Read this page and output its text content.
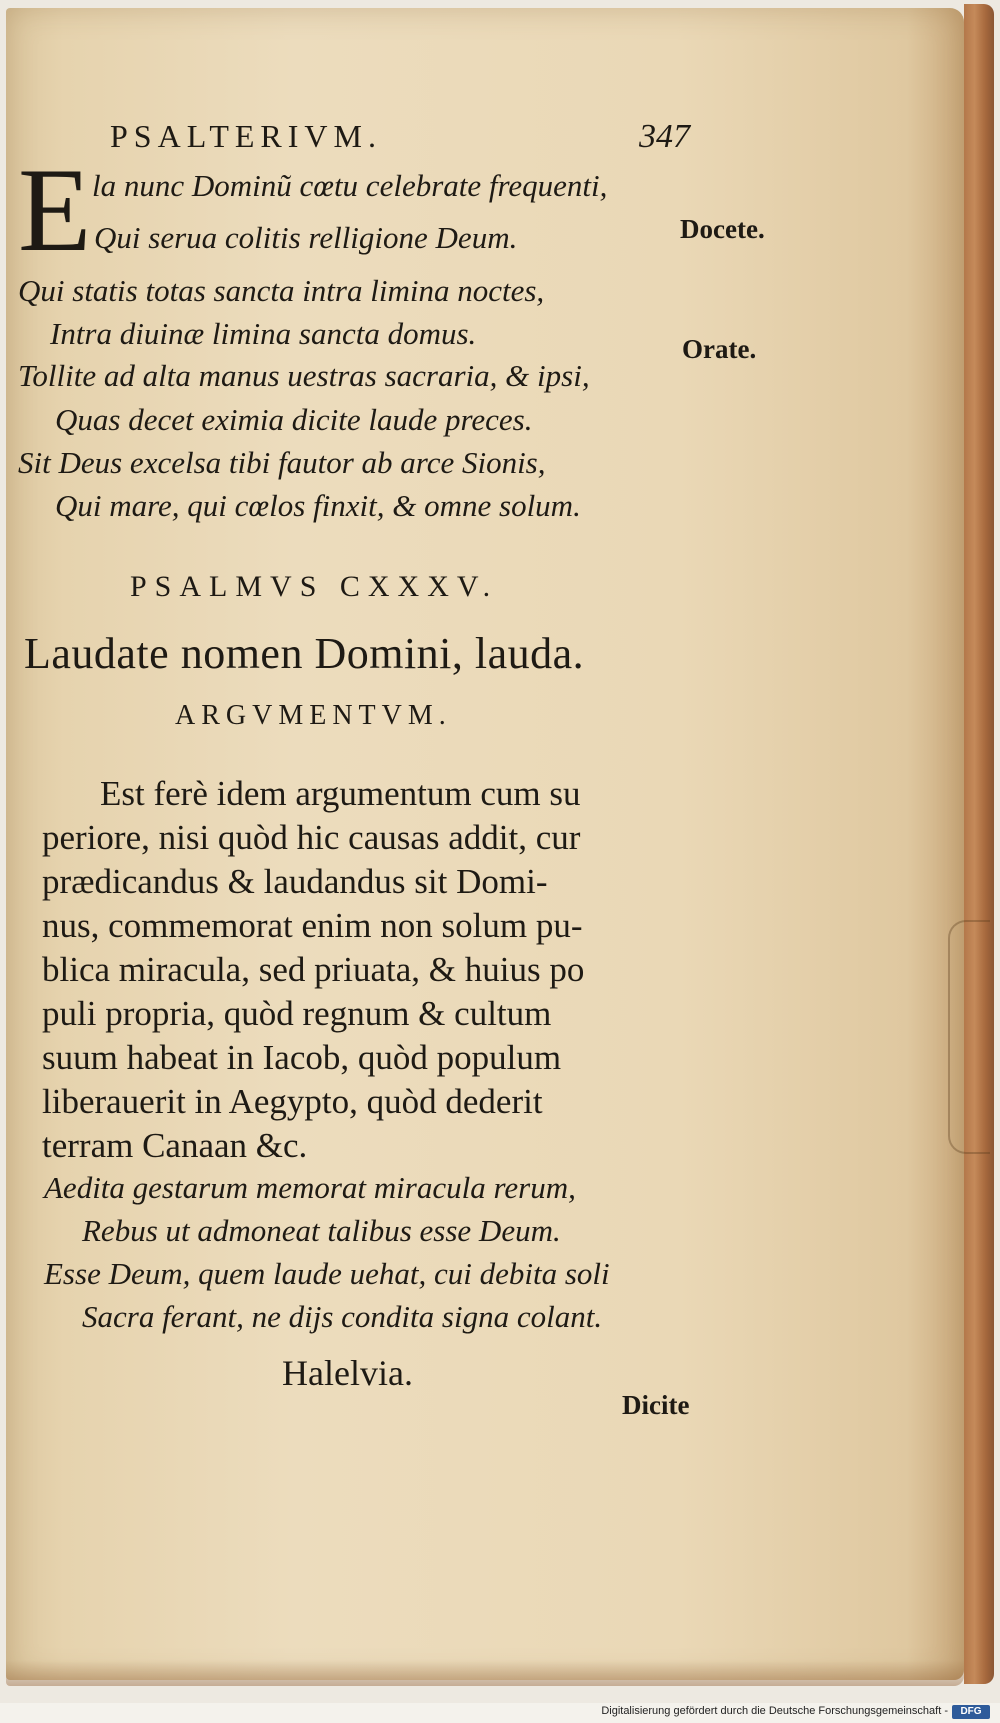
PSALTERIVM.	347
E la nunc Dominũ cœtu celebrate frequenti,
Qui serua colitis relligione Deum.
Qui statis totas sancta intra limina noctes,
Intra diuinæ limina sancta domus.
Tollite ad alta manus uestras sacraria, & ipsi,
Quas decet eximia dicite laude preces.
Sit Deus excelsa tibi fautor ab arce Sionis,
Qui mare, qui cœlos finxit, & omne solum.
Docete.
Orate.
PSALMVS CXXXV.
Laudate nomen Domini, lauda.
ARGVMENTVM.
Est ferè idem argumentum cum su
periore, nisi quòd hic causas addit, cur
prædicandus & laudandus sit Domi-
nus, commemorat enim non solum pu-
blica miracula, sed priuata, & huius po
puli propria, quòd regnum & cultum
suum habeat in Iacob, quòd populum
liberauerit in Aegypto, quòd dederit
terram Canaan &c.
Aedita gestarum memorat miracula rerum,
Rebus ut admoneat talibus esse Deum.
Esse Deum, quem laude uehat, cui debita soli
Sacra ferant, ne dijs condita signa colant.
Halelvia.
Dicite
Digitalisierung gefördert durch die Deutsche Forschungsgemeinschaft -	DFG
